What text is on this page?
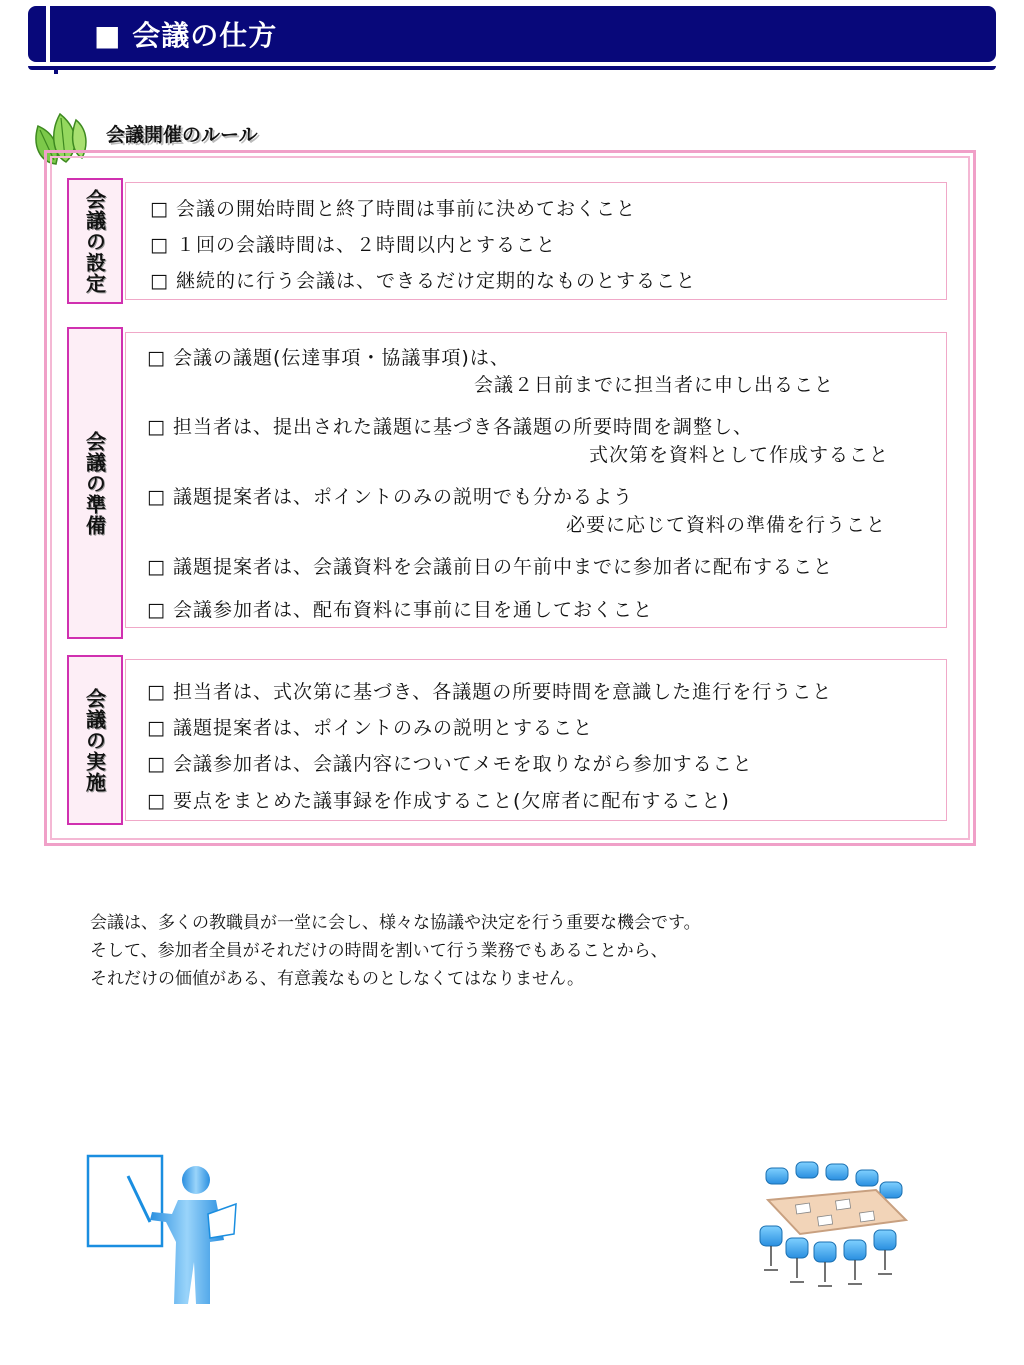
■ 会議の仕方
会議開催のルール
会議の設定 □ 会議の開始時間と終了時間は事前に決めておくこと
□ １回の会議時間は、２時間以内とすること
□ 継続的に行う会議は、できるだけ定期的なものとすること
会議の準備
□ 会議の議題(伝達事項・協議事項)は、
会議２日前までに担当者に申し出ること
□ 担当者は、提出された議題に基づき各議題の所要時間を調整し、
式次第を資料として作成すること
□ 議題提案者は、ポイントのみの説明でも分かるよう
必要に応じて資料の準備を行うこと
□ 議題提案者は、会議資料を会議前日の午前中までに参加者に配布すること
□ 会議参加者は、配布資料に事前に目を通しておくこと
会議の実施 □ 担当者は、式次第に基づき、各議題の所要時間を意識した進行を行うこと
□ 議題提案者は、ポイントのみの説明とすること
□ 会議参加者は、会議内容についてメモを取りながら参加すること
□ 要点をまとめた議事録を作成すること(欠席者に配布すること)
会議は、多くの教職員が一堂に会し、様々な協議や決定を行う重要な機会です。
そして、参加者全員がそれだけの時間を割いて行う業務でもあることから、
それだけの価値がある、有意義なものとしなくてはなりません。
